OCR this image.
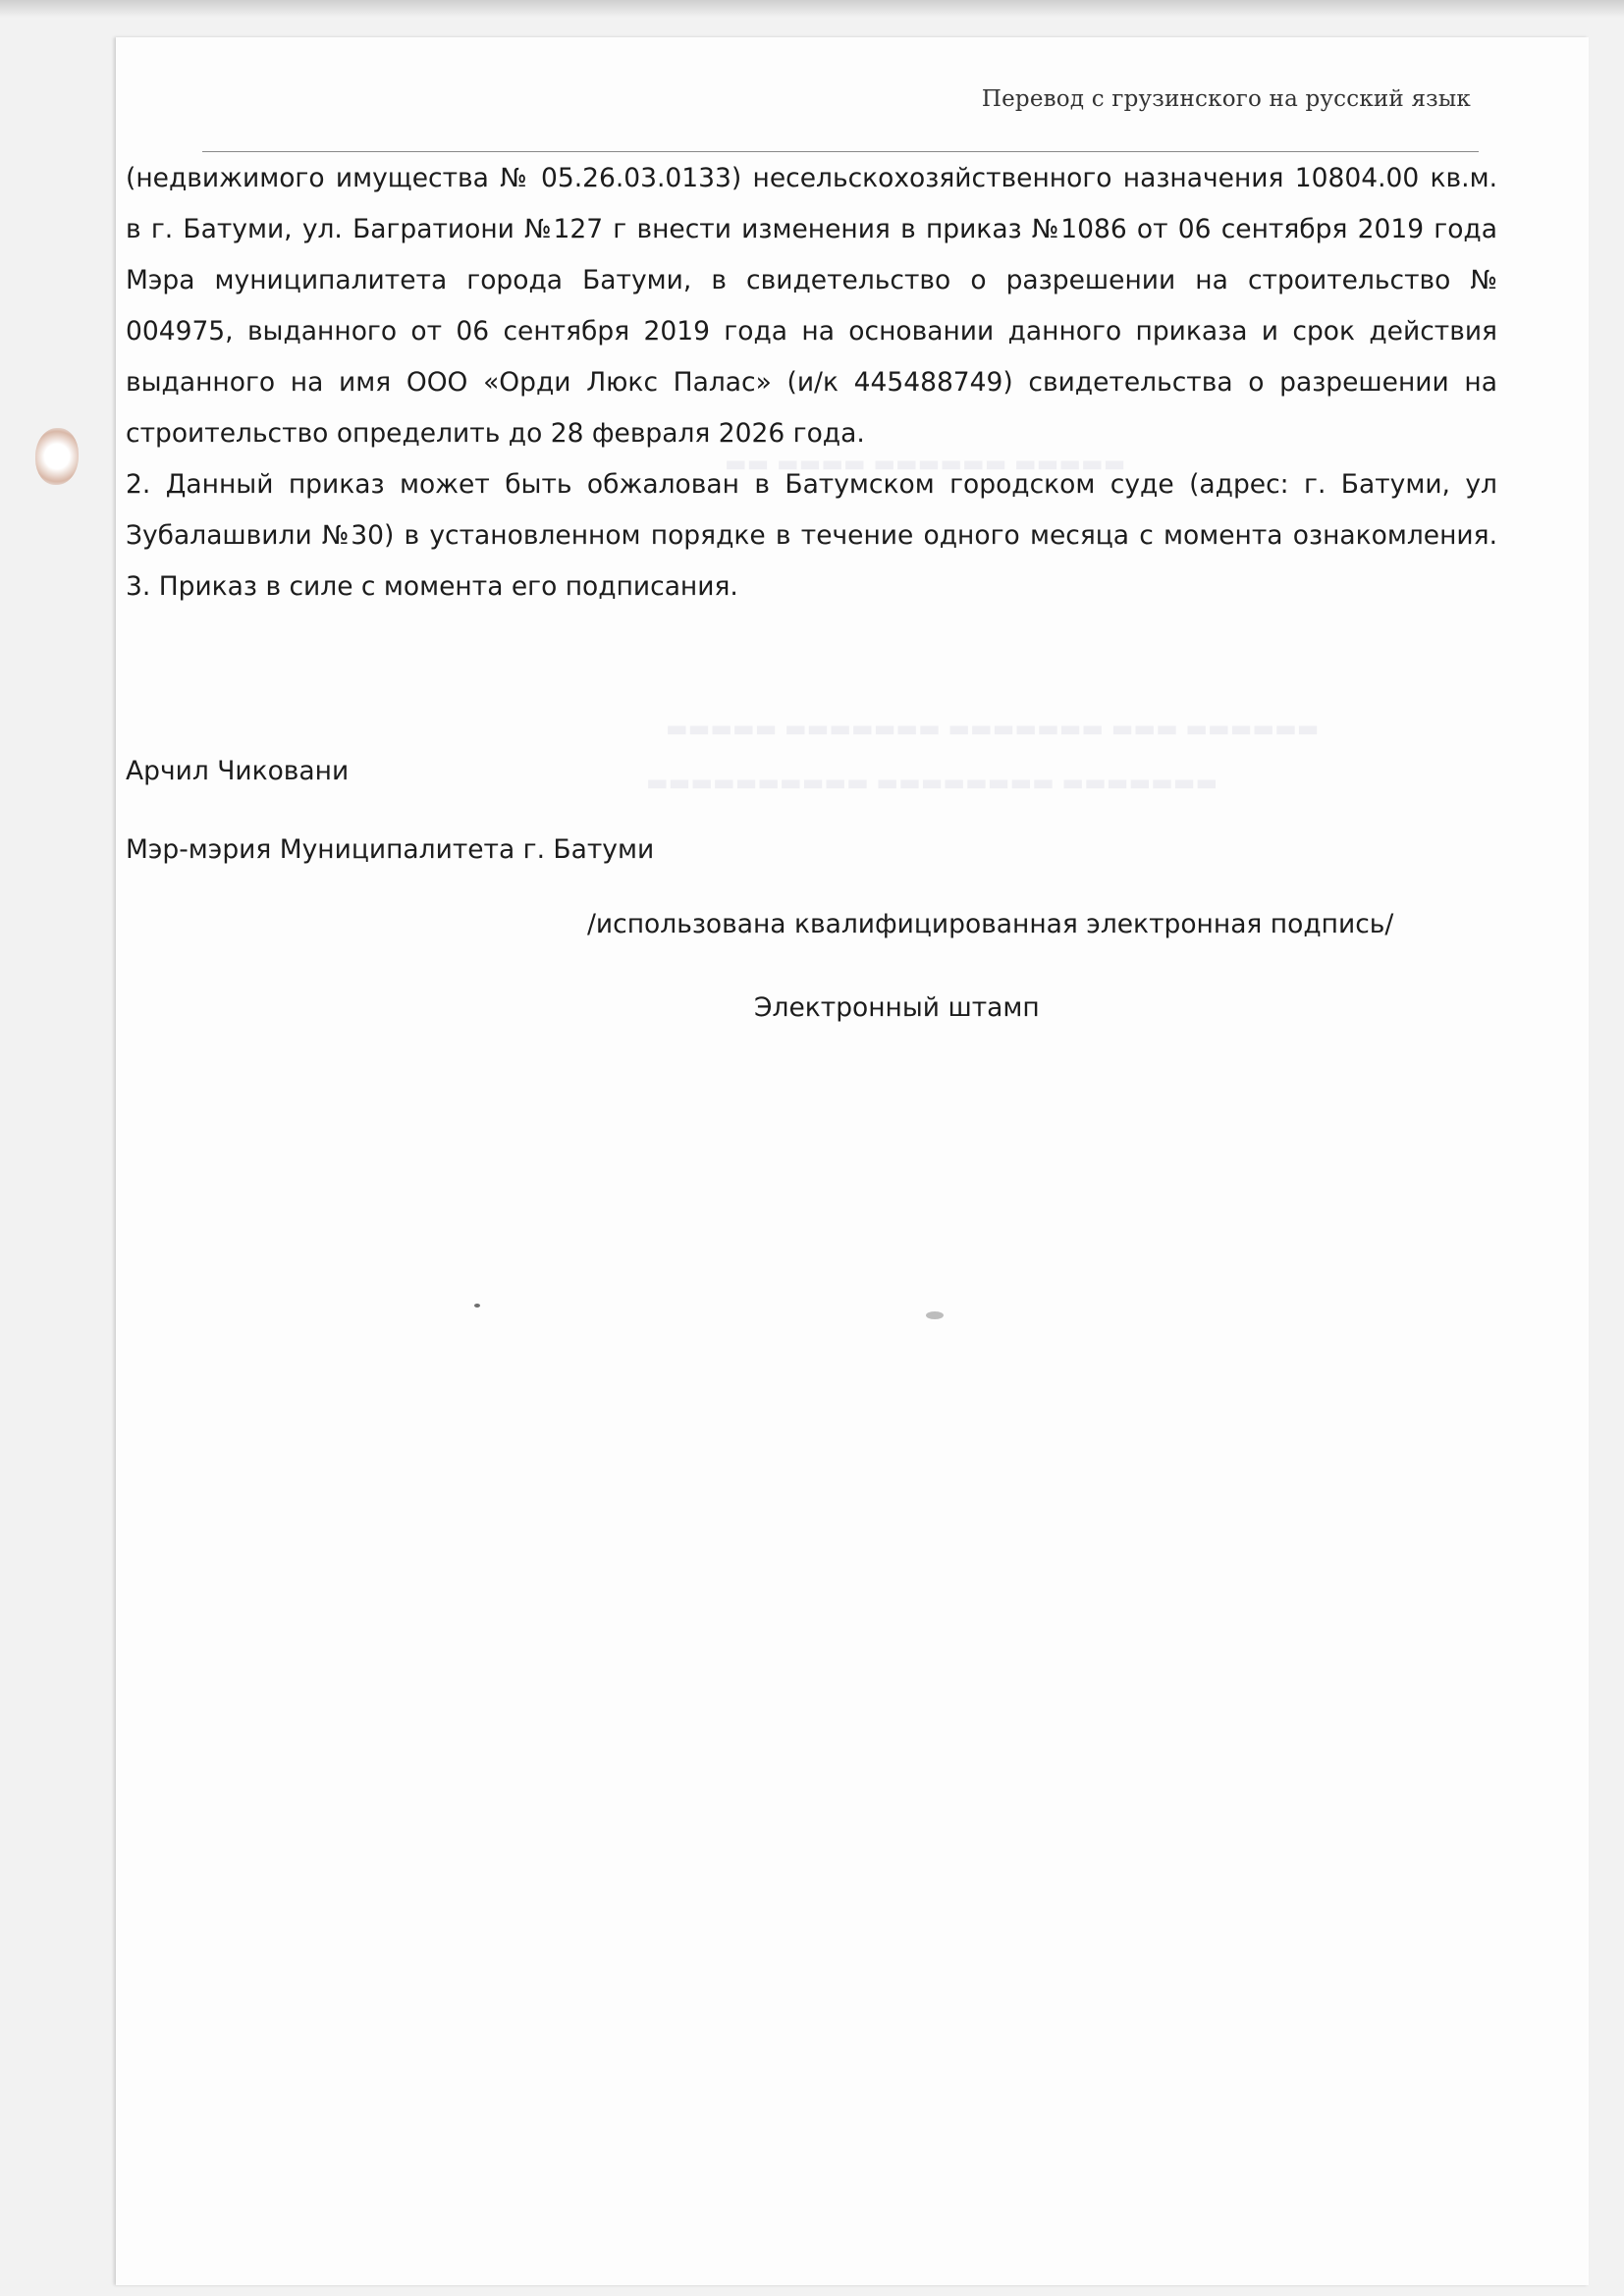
▬▬ ▬▬▬▬ ▬▬▬▬▬▬ ▬▬▬▬▬
▬▬▬▬▬ ▬▬▬▬▬▬▬ ▬▬▬▬▬▬▬ ▬▬▬ ▬▬▬▬▬▬
▬▬▬▬▬▬▬▬▬▬ ▬▬▬▬▬▬▬▬ ▬▬▬▬▬▬▬
Перевод с грузинского на русский язык
(недвижимого имущества № 05.26.03.0133) несельскохозяйственного назначения 10804.00 кв.м.
в г. Батуми, ул. Багратиони №127 г внести изменения в приказ №1086 от 06 сентября 2019 года
Мэра муниципалитета города Батуми, в свидетельство о разрешении на строительство №
004975, выданного от 06 сентября 2019 года на основании данного приказа и срок действия
выданного на имя ООО «Орди Люкс Палас» (и/к 445488749) свидетельства о разрешении на
строительство определить до 28 февраля 2026 года.
2. Данный приказ может быть обжалован в Батумском городском суде (адрес: г. Батуми, ул
Зубалашвили №30) в установленном порядке в течение одного месяца с момента ознакомления.
3. Приказ в силе с момента его подписания.
Арчил Чиковани
Мэр-мэрия Муниципалитета г. Батуми
/использована квалифицированная электронная подпись/
Электронный штамп
